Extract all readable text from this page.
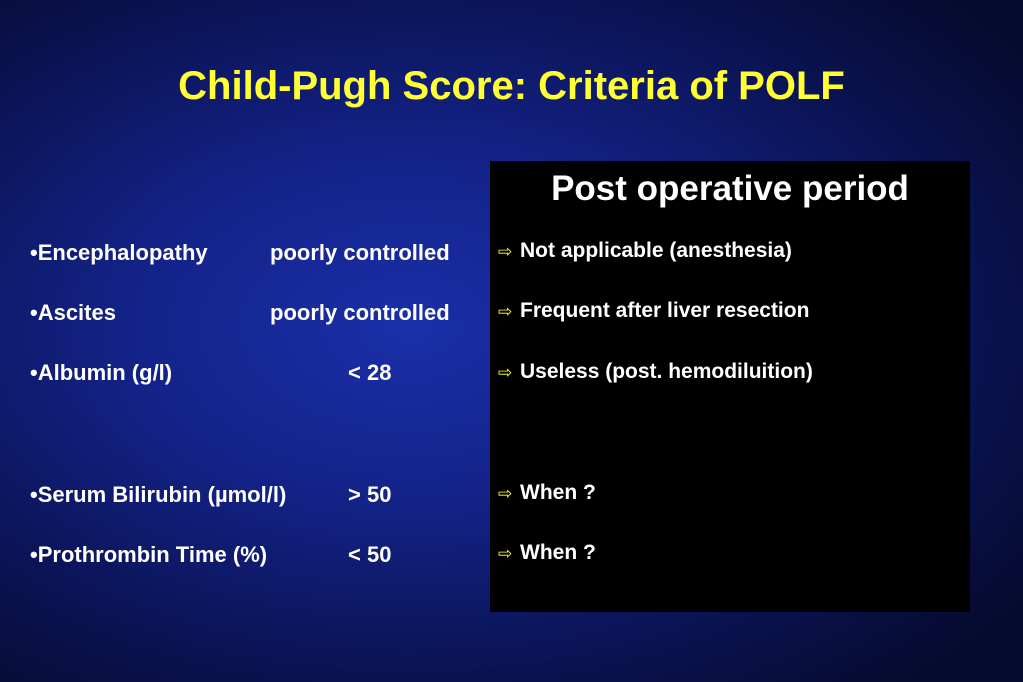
Child-Pugh Score: Criteria of POLF
•Encephalopathy	poorly controlled
•Ascites	poorly controlled
•Albumin (g/l)	< 28
•Serum Bilirubin (µmol/l)	> 50
•Prothrombin Time (%)	< 50
Post operative period
⇨ Not applicable (anesthesia)
⇨ Frequent after liver resection
⇨ Useless (post. hemodiluition)
⇨ When ?
⇨ When ?
